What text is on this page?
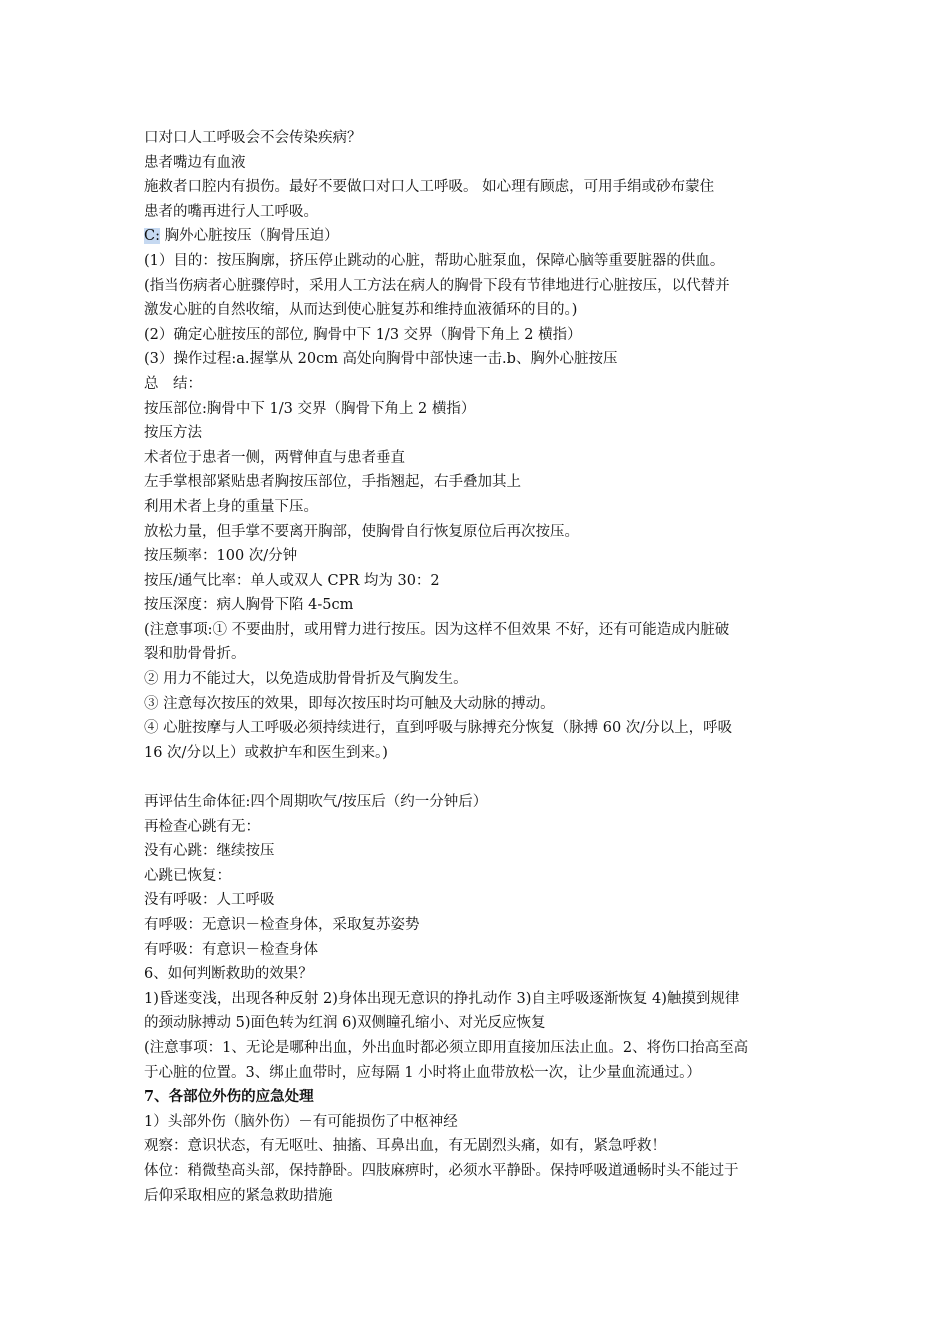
口对口人工呼吸会不会传染疾病？
患者嘴边有血液
施救者口腔内有损伤。最好不要做口对口人工呼吸。 如心理有顾虑，可用手绢或砂布蒙住
患者的嘴再进行人工呼吸。
C: 胸外心脏按压（胸骨压迫）
(1）目的：按压胸廓，挤压停止跳动的心脏，帮助心脏泵血，保障心脑等重要脏器的供血。
(指当伤病者心脏骤停时，采用人工方法在病人的胸骨下段有节律地进行心脏按压，以代替并
激发心脏的自然收缩，从而达到使心脏复苏和维持血液循环的目的。)
(2）确定心脏按压的部位, 胸骨中下 1/3 交界（胸骨下角上 2 横指）
(3）操作过程:a.握掌从 20cm 高处向胸骨中部快速一击.b、胸外心脏按压
总　结：
按压部位:胸骨中下 1/3 交界（胸骨下角上 2 横指）
按压方法
术者位于患者一侧，两臂伸直与患者垂直
左手掌根部紧贴患者胸按压部位，手指翘起，右手叠加其上
利用术者上身的重量下压。
放松力量，但手掌不要离开胸部，使胸骨自行恢复原位后再次按压。
按压频率：100 次/分钟
按压/通气比率：单人或双人 CPR 均为 30：2
按压深度：病人胸骨下陷 4-5cm
(注意事项:① 不要曲肘，或用臂力进行按压。因为这样不但效果 不好，还有可能造成内脏破
裂和肋骨骨折。
② 用力不能过大，以免造成肋骨骨折及气胸发生。
③ 注意每次按压的效果，即每次按压时均可触及大动脉的搏动。
④ 心脏按摩与人工呼吸必须持续进行，直到呼吸与脉搏充分恢复（脉搏 60 次/分以上，呼吸
16 次/分以上）或救护车和医生到来。)
再评估生命体征:四个周期吹气/按压后（约一分钟后）
再检查心跳有无：
没有心跳：继续按压
心跳已恢复：
没有呼吸：人工呼吸
有呼吸：无意识－检查身体，采取复苏姿势
有呼吸：有意识－检查身体
6、如何判断救助的效果？
1)昏迷变浅，出现各种反射 2)身体出现无意识的挣扎动作 3)自主呼吸逐渐恢复 4)触摸到规律
的颈动脉搏动 5)面色转为红润 6)双侧瞳孔缩小、对光反应恢复
(注意事项：1、无论是哪种出血，外出血时都必须立即用直接加压法止血。2、将伤口抬高至高
于心脏的位置。3、绑止血带时，应每隔 1 小时将止血带放松一次，让少量血流通过。）
7、各部位外伤的应急处理
1）头部外伤（脑外伤）－有可能损伤了中枢神经
观察：意识状态，有无呕吐、抽搐、耳鼻出血，有无剧烈头痛，如有，紧急呼救！
体位：稍微垫高头部，保持静卧。四肢麻痹时，必须水平静卧。保持呼吸道通畅时头不能过于
后仰采取相应的紧急救助措施
